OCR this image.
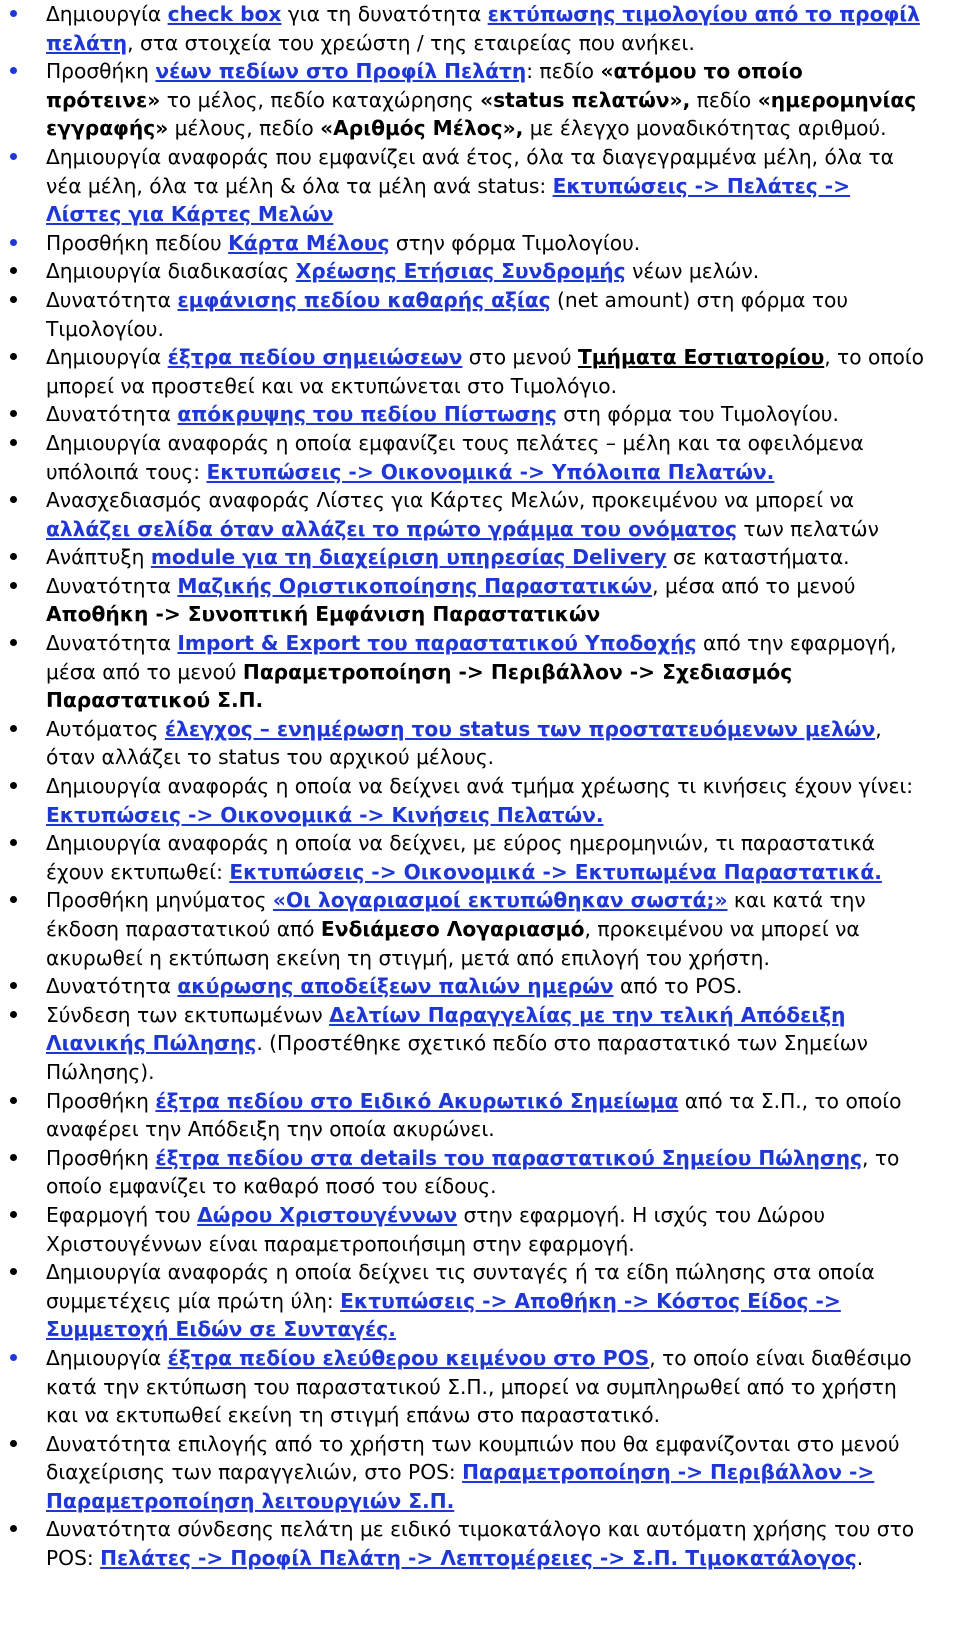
Δημιουργία check box για τη δυνατότητα εκτύπωσης τιμολογίου από το προφίλ πελάτη, στα στοιχεία του χρεώστη / της εταιρείας που ανήκει.
Προσθήκη νέων πεδίων στο Προφίλ Πελάτη: πεδίο «ατόμου το οποίο πρότεινε» το μέλος, πεδίο καταχώρησης «status πελατών», πεδίο «ημερομηνίας εγγραφής» μέλους, πεδίο «Αριθμός Μέλος», με έλεγχο μοναδικότητας αριθμού.
Δημιουργία αναφοράς που εμφανίζει ανά έτος, όλα τα διαγεγραμμένα μέλη, όλα τα νέα μέλη, όλα τα μέλη & όλα τα μέλη ανά status: Εκτυπώσεις -> Πελάτες -> Λίστες για Κάρτες Μελών
Προσθήκη πεδίου Κάρτα Μέλους στην φόρμα Τιμολογίου.
Δημιουργία διαδικασίας Χρέωσης Ετήσιας Συνδρομής νέων μελών.
Δυνατότητα εμφάνισης πεδίου καθαρής αξίας (net amount) στη φόρμα του Τιμολογίου.
Δημιουργία έξτρα πεδίου σημειώσεων στο μενού Τμήματα Εστιατορίου, το οποίο μπορεί να προστεθεί και να εκτυπώνεται στο Τιμολόγιο.
Δυνατότητα απόκρυψης του πεδίου Πίστωσης στη φόρμα του Τιμολογίου.
Δημιουργία αναφοράς η οποία εμφανίζει τους πελάτες – μέλη και τα οφειλόμενα υπόλοιπά τους: Εκτυπώσεις -> Οικονομικά -> Υπόλοιπα Πελατών.
Ανασχεδιασμός αναφοράς Λίστες για Κάρτες Μελών, προκειμένου να μπορεί να αλλάζει σελίδα όταν αλλάζει το πρώτο γράμμα του ονόματος των πελατών
Ανάπτυξη module για τη διαχείριση υπηρεσίας Delivery σε καταστήματα.
Δυνατότητα Μαζικής Οριστικοποίησης Παραστατικών, μέσα από το μενού Αποθήκη -> Συνοπτική Εμφάνιση Παραστατικών
Δυνατότητα Import & Export του παραστατικού Υποδοχής από την εφαρμογή, μέσα από το μενού Παραμετροποίηση -> Περιβάλλον -> Σχεδιασμός Παραστατικού Σ.Π.
Αυτόματος έλεγχος – ενημέρωση του status των προστατευόμενων μελών, όταν αλλάζει το status του αρχικού μέλους.
Δημιουργία αναφοράς η οποία να δείχνει ανά τμήμα χρέωσης τι κινήσεις έχουν γίνει: Εκτυπώσεις -> Οικονομικά -> Κινήσεις Πελατών.
Δημιουργία αναφοράς η οποία να δείχνει, με εύρος ημερομηνιών, τι παραστατικά έχουν εκτυπωθεί: Εκτυπώσεις -> Οικονομικά -> Εκτυπωμένα Παραστατικά.
Προσθήκη μηνύματος «Οι λογαριασμοί εκτυπώθηκαν σωστά;» και κατά την έκδοση παραστατικού από Ενδιάμεσο Λογαριασμό, προκειμένου να μπορεί να ακυρωθεί η εκτύπωση εκείνη τη στιγμή, μετά από επιλογή του χρήστη.
Δυνατότητα ακύρωσης αποδείξεων παλιών ημερών από το POS.
Σύνδεση των εκτυπωμένων Δελτίων Παραγγελίας με την τελική Απόδειξη Λιανικής Πώλησης. (Προστέθηκε σχετικό πεδίο στο παραστατικό των Σημείων Πώλησης).
Προσθήκη έξτρα πεδίου στο Ειδικό Ακυρωτικό Σημείωμα από τα Σ.Π., το οποίο αναφέρει την Απόδειξη την οποία ακυρώνει.
Προσθήκη έξτρα πεδίου στα details του παραστατικού Σημείου Πώλησης, το οποίο εμφανίζει το καθαρό ποσό του είδους.
Εφαρμογή του Δώρου Χριστουγέννων στην εφαρμογή. Η ισχύς του Δώρου Χριστουγέννων είναι παραμετροποιήσιμη στην εφαρμογή.
Δημιουργία αναφοράς η οποία δείχνει τις συνταγές ή τα είδη πώλησης στα οποία συμμετέχεις μία πρώτη ύλη: Εκτυπώσεις -> Αποθήκη -> Κόστος Είδος -> Συμμετοχή Ειδών σε Συνταγές.
Δημιουργία έξτρα πεδίου ελεύθερου κειμένου στο POS, το οποίο είναι διαθέσιμο κατά την εκτύπωση του παραστατικού Σ.Π., μπορεί να συμπληρωθεί από το χρήστη και να εκτυπωθεί εκείνη τη στιγμή επάνω στο παραστατικό.
Δυνατότητα επιλογής από το χρήστη των κουμπιών που θα εμφανίζονται στο μενού διαχείρισης των παραγγελιών, στο POS: Παραμετροποίηση -> Περιβάλλον -> Παραμετροποίηση λειτουργιών Σ.Π.
Δυνατότητα σύνδεσης πελάτη με ειδικό τιμοκατάλογο και αυτόματη χρήσης του στο POS: Πελάτες -> Προφίλ Πελάτη -> Λεπτομέρειες -> Σ.Π. Τιμοκατάλογος.
